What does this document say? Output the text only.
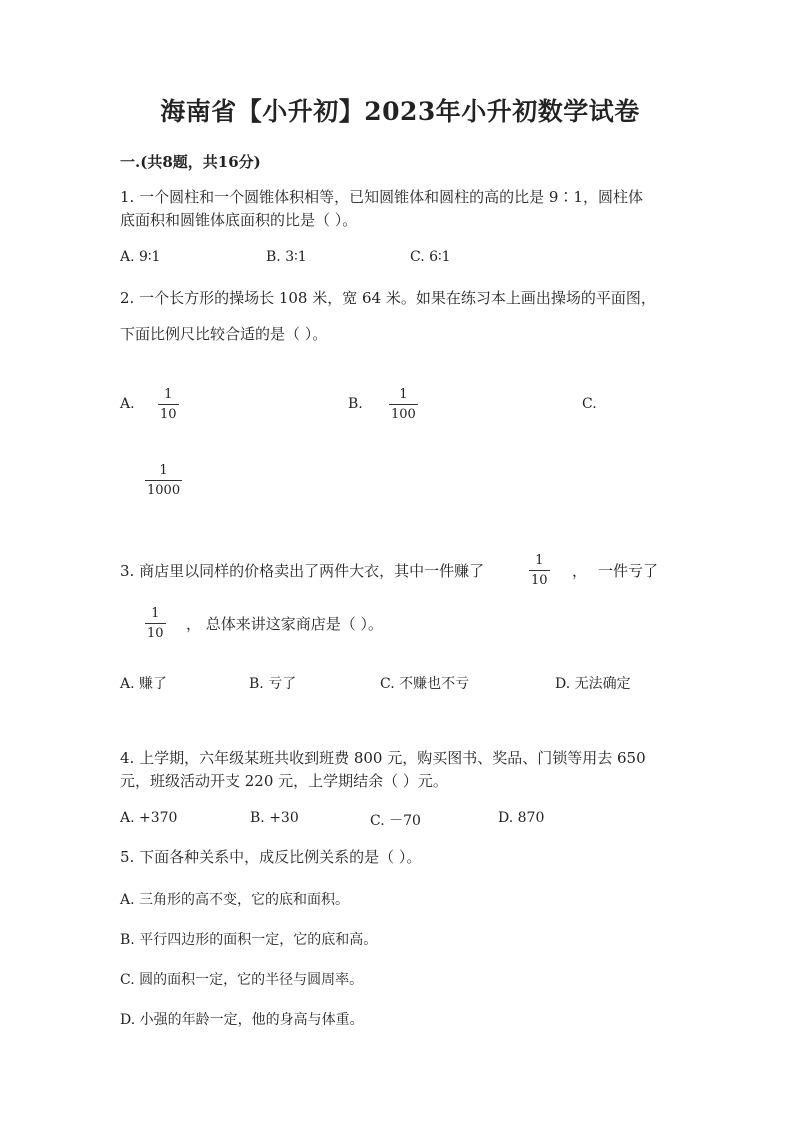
海南省【小升初】2023年小升初数学试卷
一.(共8题，共16分)
1. 一个圆柱和一个圆锥体积相等，已知圆锥体和圆柱的高的比是 9∶1，圆柱体
底面积和圆锥体底面积的比是（ ）。
A. 9∶1	B. 3∶1	C. 6∶1
2. 一个长方形的操场长 108 米，宽 64 米。如果在练习本上画出操场的平面图，
下面比例尺比较合适的是（ ）。
A.
1
10
B.
1
100
C.
1
1000
3. 商店里以同样的价格卖出了两件大衣，其中一件赚了
1
10
， 一件亏了
1
10
， 总体来讲这家商店是（ ）。
A. 赚了	B. 亏了	C. 不赚也不亏	D. 无法确定
4. 上学期，六年级某班共收到班费 800 元，购买图书、奖品、门锁等用去 650
元，班级活动开支 220 元，上学期结余（ ）元。
A. +370	B. +30	C. －70	D. 870
5. 下面各种关系中，成反比例关系的是（ ）。
A. 三角形的高不变，它的底和面积。
B. 平行四边形的面积一定，它的底和高。
C. 圆的面积一定，它的半径与圆周率。
D. 小强的年龄一定，他的身高与体重。
